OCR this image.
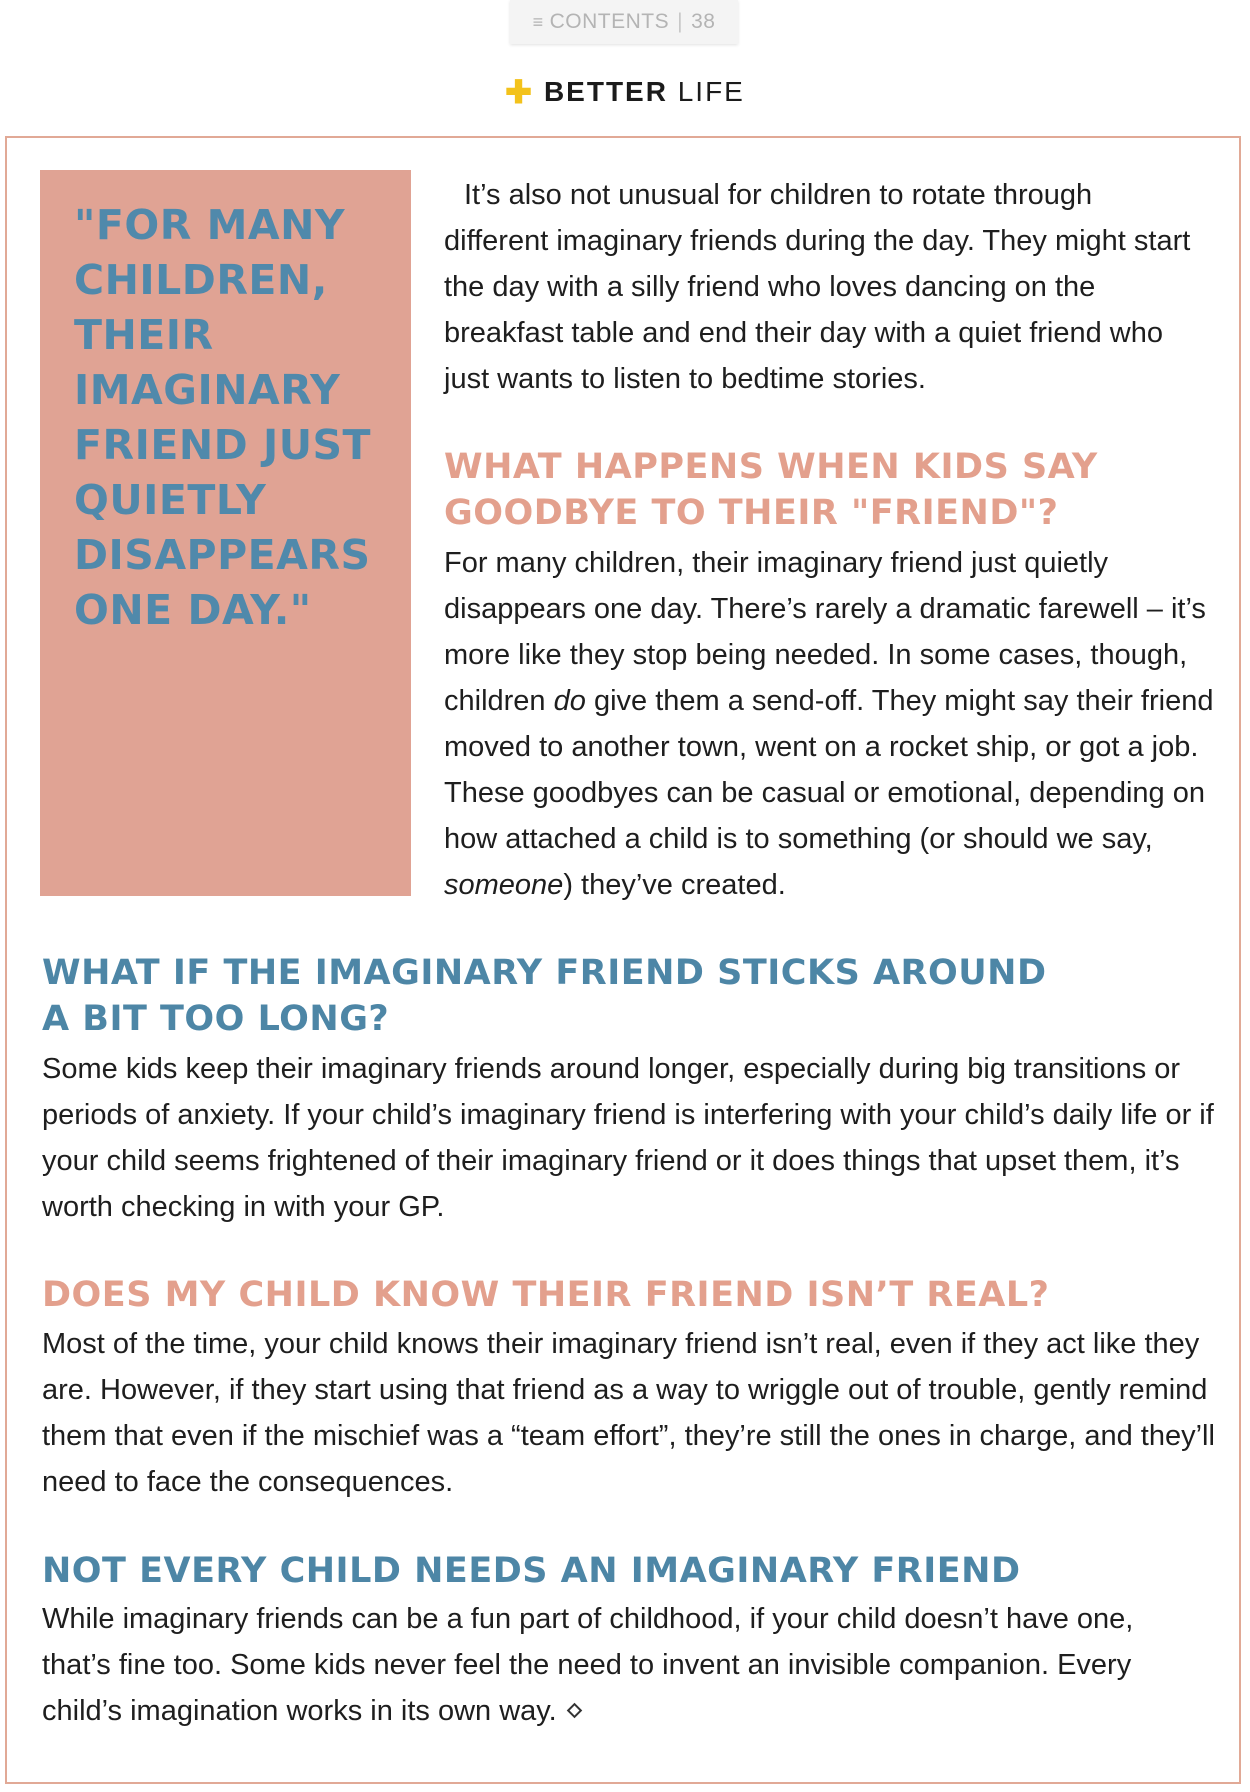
≡ CONTENTS | 38
✚ BETTER LIFE
"FOR MANY
CHILDREN,
THEIR
IMAGINARY
FRIEND JUST
QUIETLY
DISAPPEARS
ONE DAY."

It’s also not unusual for children to rotate through different imaginary friends during the day. They might start the day with a silly friend who loves dancing on the breakfast table and end their day with a quiet friend who just wants to listen to bedtime stories.

WHAT HAPPENS WHEN KIDS SAY GOODBYE TO THEIR "FRIEND"?

For many children, their imaginary friend just quietly disappears one day. There’s rarely a dramatic farewell – it’s more like they stop being needed. In some cases, though, children do give them a send-off. They might say their friend moved to another town, went on a rocket ship, or got a job. These goodbyes can be casual or emotional, depending on how attached a child is to something (or should we say, someone) they’ve created.

WHAT IF THE IMAGINARY FRIEND STICKS AROUND A BIT TOO LONG?

Some kids keep their imaginary friends around longer, especially during big transitions or periods of anxiety. If your child’s imaginary friend is interfering with your child’s daily life or if your child seems frightened of their imaginary friend or it does things that upset them, it’s worth checking in with your GP.

DOES MY CHILD KNOW THEIR FRIEND ISN’T REAL?

Most of the time, your child knows their imaginary friend isn’t real, even if they act like they are. However, if they start using that friend as a way to wriggle out of trouble, gently remind them that even if the mischief was a “team effort”, they’re still the ones in charge, and they’ll need to face the consequences.

NOT EVERY CHILD NEEDS AN IMAGINARY FRIEND

While imaginary friends can be a fun part of childhood, if your child doesn’t have one, that’s fine too. Some kids never feel the need to invent an invisible companion. Every child’s imagination works in its own way.
